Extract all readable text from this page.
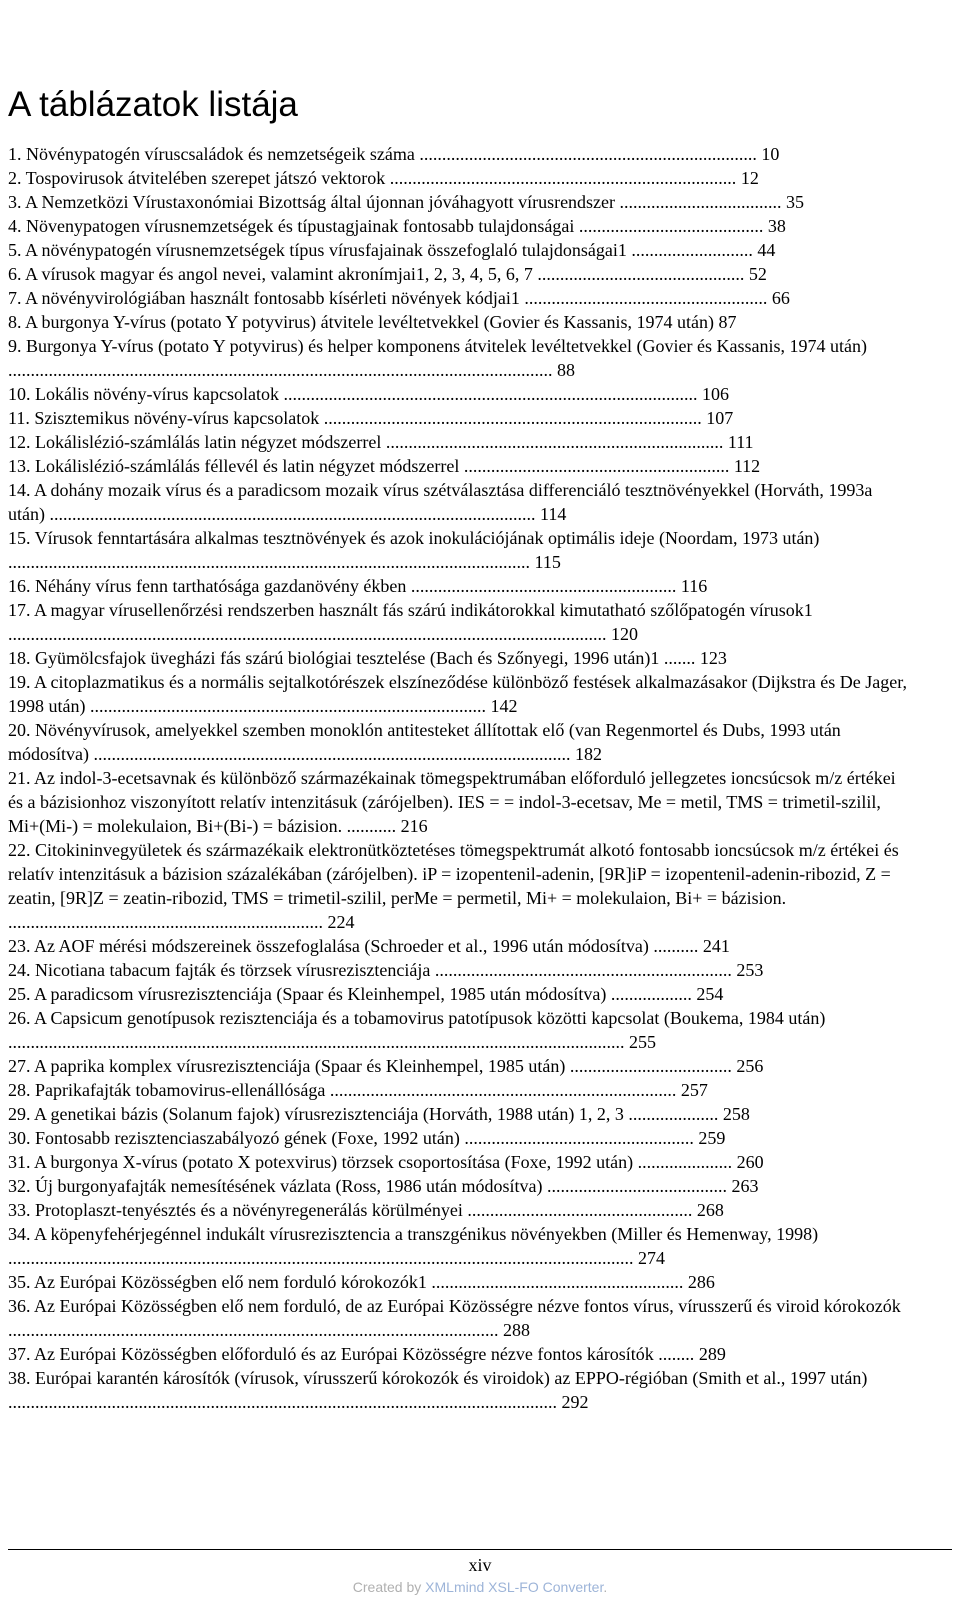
A táblázatok listája
1. Növénypatogén víruscsaládok és nemzetségeik száma ........................................................................... 10
2. Tospovirusok átvitelében szerepet játszó vektorok ............................................................................. 12
3. A Nemzetközi Vírustaxonómiai Bizottság által újonnan jóváhagyott vírusrendszer .................................... 35
4. Növenypatogen vírusnemzetségek és típustagjainak fontosabb tulajdonságai ......................................... 38
5. A növénypatogén vírusnemzetségek típus vírusfajainak összefoglaló tulajdonságai1 ........................... 44
6. A vírusok magyar és angol nevei, valamint akronímjai1, 2, 3, 4, 5, 6, 7 .............................................. 52
7. A növényvirológiában használt fontosabb kísérleti növények kódjai1 ...................................................... 66
8. A burgonya Y-vírus (potato Y potyvirus) átvitele levéltetvekkel (Govier és Kassanis, 1974 után) 87
9. Burgonya Y-vírus (potato Y potyvirus) és helper komponens átvitelek levéltetvekkel (Govier és Kassanis, 1974 után) ......................................................................................................................... 88
10. Lokális növény-vírus kapcsolatok ............................................................................................ 106
11. Szisztemikus növény-vírus kapcsolatok .................................................................................... 107
12. Lokálislézió-számlálás latin négyzet módszerrel ........................................................................... 111
13. Lokálislézió-számlálás féllevél és latin négyzet módszerrel ........................................................... 112
14. A dohány mozaik vírus és a paradicsom mozaik vírus szétválasztása differenciáló tesztnövényekkel (Horváth, 1993a után) ............................................................................................................ 114
15. Vírusok fenntartására alkalmas tesztnövények és azok inokulációjának optimális ideje (Noordam, 1973 után) .................................................................................................................... 115
16. Néhány vírus fenn tarthatósága gazdanövény ékben ........................................................... 116
17. A magyar vírusellenőrzési rendszerben használt fás szárú indikátorokkal kimutatható szőlőpatogén vírusok1 ..................................................................................................................................... 120
18. Gyümölcsfajok üvegházi fás szárú biológiai tesztelése (Bach és Szőnyegi, 1996 után)1 ....... 123
19. A citoplazmatikus és a normális sejtalkotórészek elszíneződése különböző festések alkalmazásakor (Dijkstra és De Jager, 1998 után) ........................................................................................ 142
20. Növényvírusok, amelyekkel szemben monoklón antitesteket állítottak elő (van Regenmortel és Dubs, 1993 után módosítva) .......................................................................................................... 182
21. Az indol-3-ecetsavnak és különböző származékainak tömegspektrumában előforduló jellegzetes ioncsúcsok m/z értékei és a bázisionhoz viszonyított relatív intenzitásuk (zárójelben). IES = = indol-3-ecetsav, Me = metil, TMS = trimetil-szilil, Mi+(Mi-) = molekulaion, Bi+(Bi-) = bázision. ........... 216
22. Citokininvegyületek és származékaik elektronütköztetéses tömegspektrumát alkotó fontosabb ioncsúcsok m/z értékei és relatív intenzitásuk a bázision százalékában (zárójelben). iP = izopentenil-adenin, [9R]iP = izopentenil-adenin-ribozid, Z = zeatin, [9R]Z = zeatin-ribozid, TMS = trimetil-szilil, perMe = permetil, Mi+ = molekulaion, Bi+ = bázision. ...................................................................... 224
23. Az AOF mérési módszereinek összefoglalása (Schroeder et al., 1996 után módosítva) .......... 241
24. Nicotiana tabacum fajták és törzsek vírusrezisztenciája .................................................................. 253
25. A paradicsom vírusrezisztenciája (Spaar és Kleinhempel, 1985 után módosítva) .................. 254
26. A Capsicum genotípusok rezisztenciája és a tobamovirus patotípusok közötti kapcsolat (Boukema, 1984 után) ......................................................................................................................................... 255
27. A paprika komplex vírusrezisztenciája (Spaar és Kleinhempel, 1985 után) .................................... 256
28. Paprikafajták tobamovirus-ellenállósága ............................................................................. 257
29. A genetikai bázis (Solanum fajok) vírusrezisztenciája (Horváth, 1988 után) 1, 2, 3 .................... 258
30. Fontosabb rezisztenciaszabályozó gének (Foxe, 1992 után) ................................................... 259
31. A burgonya X-vírus (potato X potexvirus) törzsek csoportosítása (Foxe, 1992 után) ..................... 260
32. Új burgonyafajták nemesítésének vázlata (Ross, 1986 után módosítva) ........................................ 263
33. Protoplaszt-tenyésztés és a növényregenerálás körülményei .................................................. 268
34. A köpenyfehérjegénnel indukált vírusrezisztencia a transzgénikus növényekben (Miller és Hemenway, 1998) ........................................................................................................................................... 274
35. Az Európai Közösségben elő nem forduló kórokozók1 ........................................................ 286
36. Az Európai Közösségben elő nem forduló, de az Európai Közösségre nézve fontos vírus, vírusszerű és viroid kórokozók ............................................................................................................. 288
37. Az Európai Közösségben előforduló és az Európai Közösségre nézve fontos károsítók ........ 289
38. Európai karantén károsítók (vírusok, vírusszerű kórokozók és viroidok) az EPPO-régióban (Smith et al., 1997 után) .......................................................................................................................... 292
xiv
Created by XMLmind XSL-FO Converter.
